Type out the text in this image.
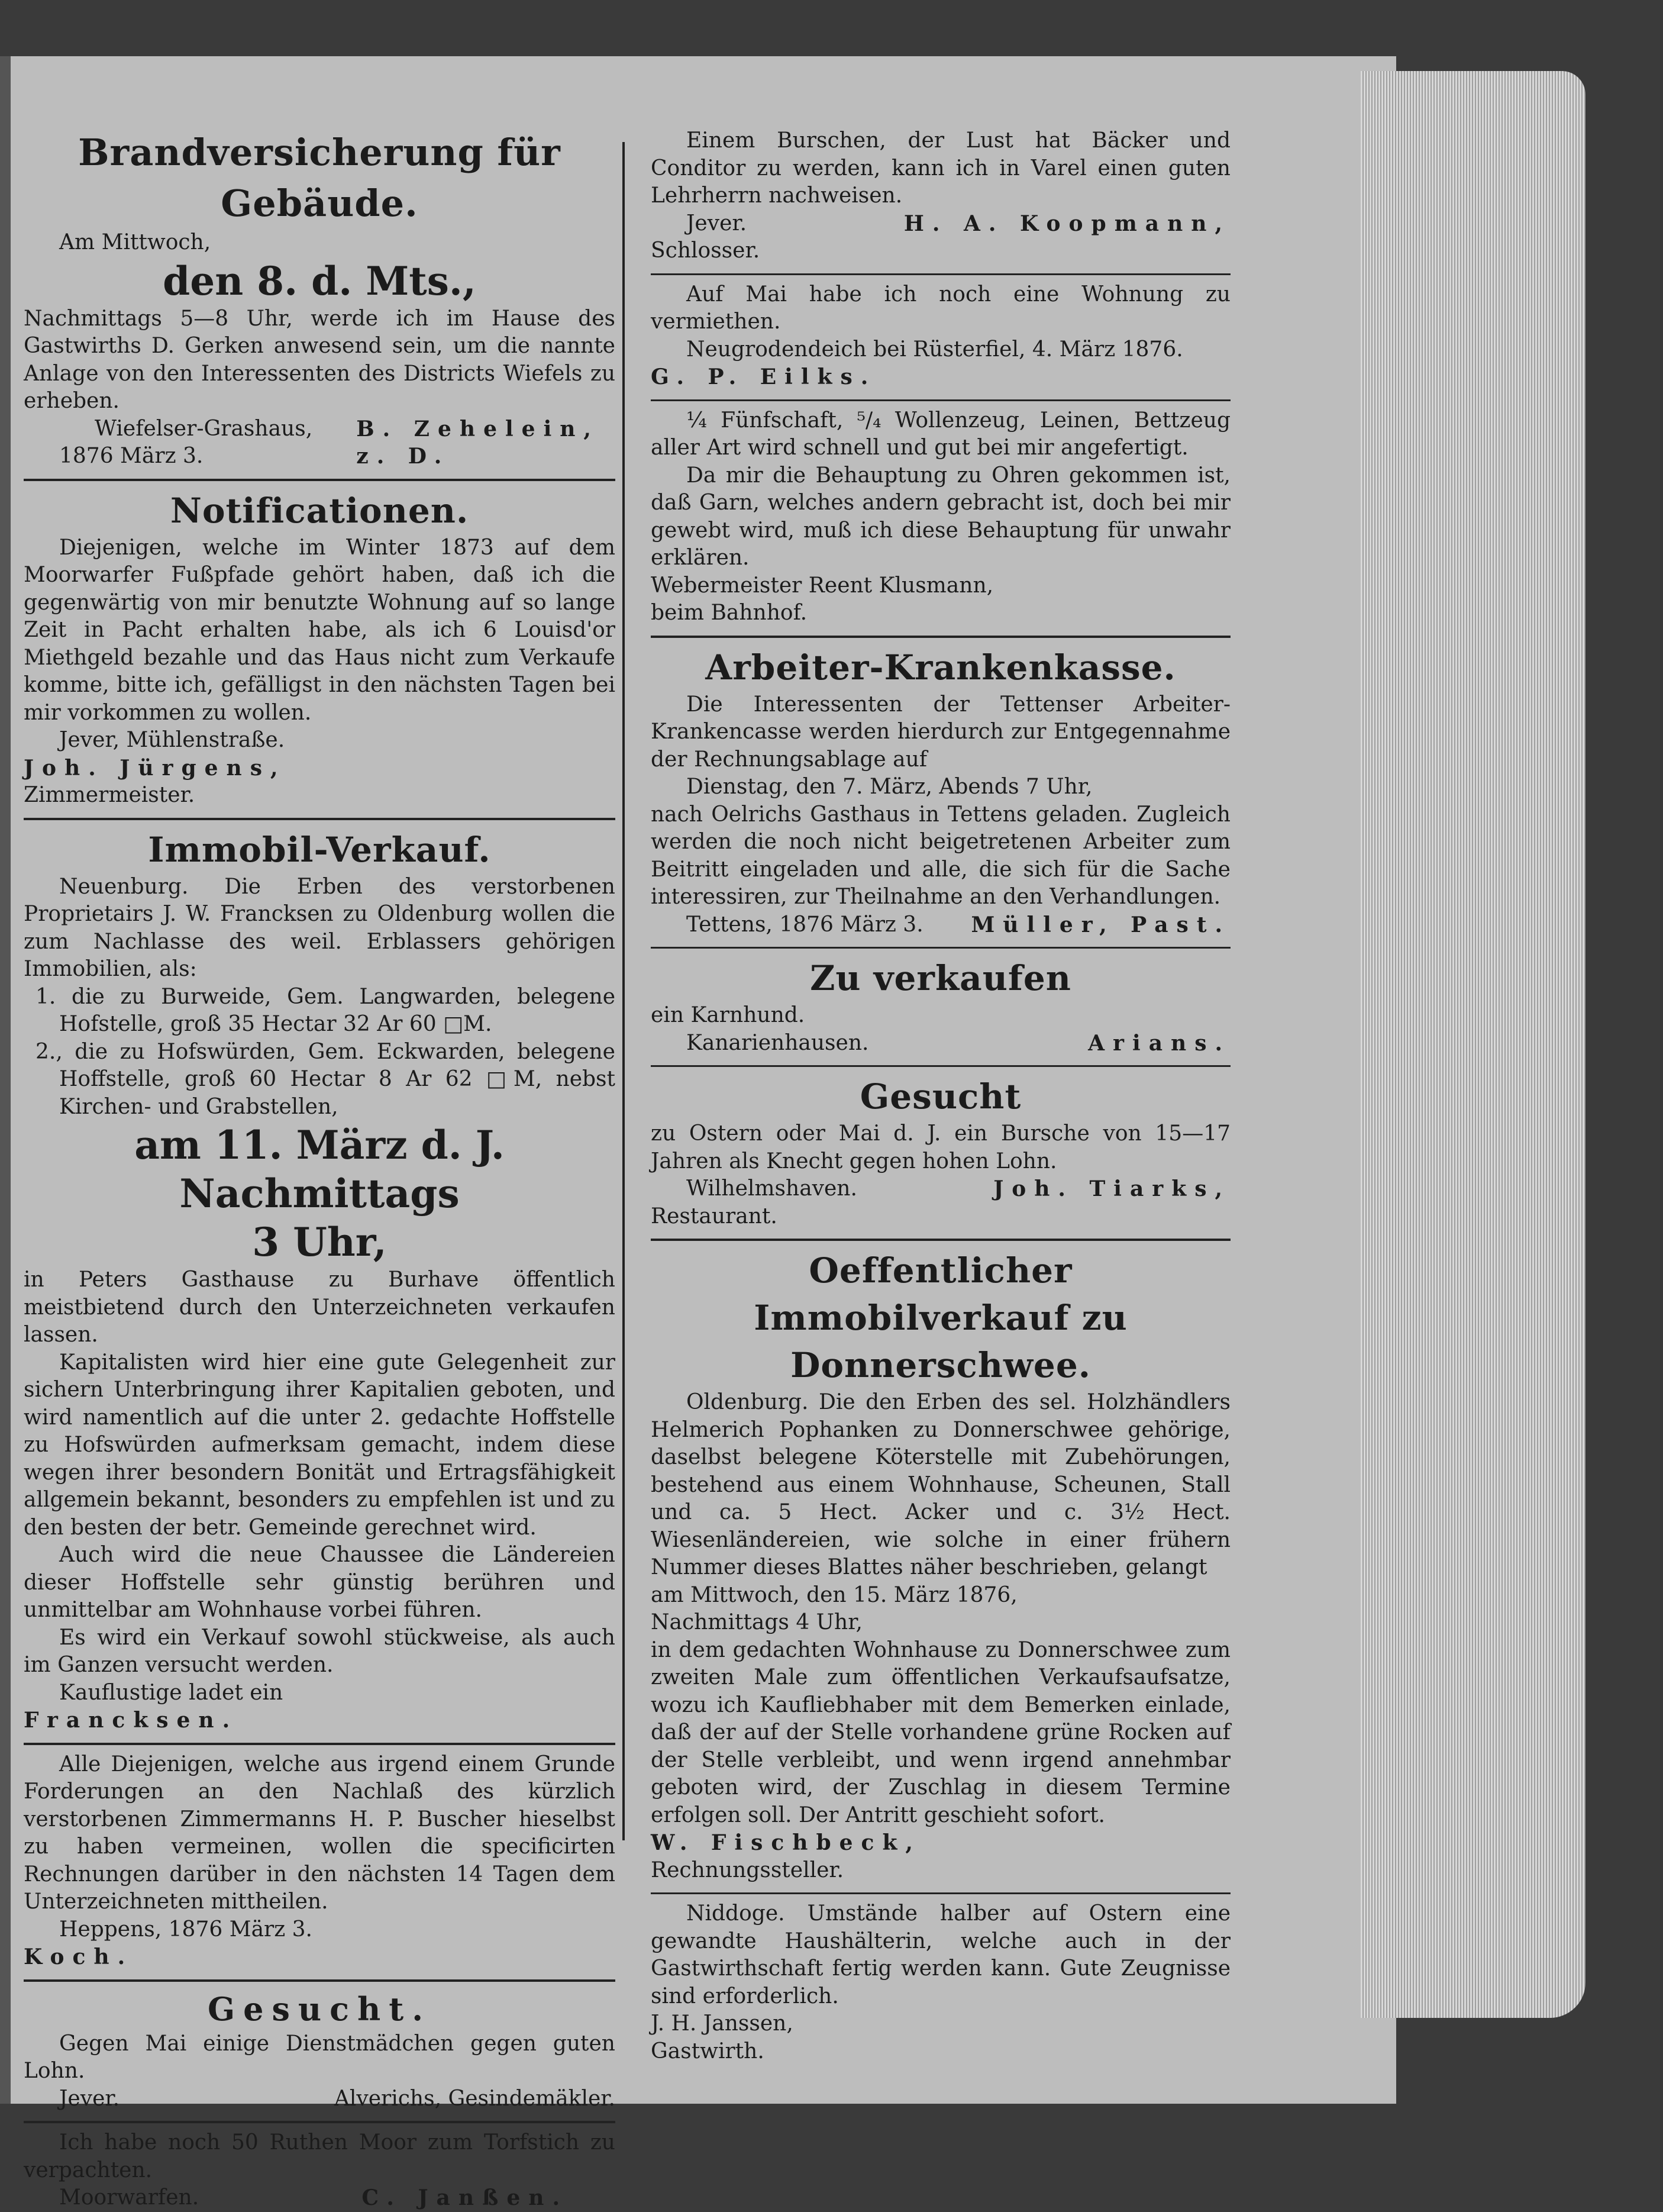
Brandversicherung für Gebäude.

Am Mittwoch,

den 8. d. Mts.,

Nachmittags 5—8 Uhr, werde ich im Hause des Gastwirths D. Gerken anwesend sein, um die nannte Anlage von den Interessenten des Districts Wiefels zu erheben.

Wiefelser-Grashaus, 1876 März 3.
B. Zehelein, z. D.
Notificationen.

Diejenigen, welche im Winter 1873 auf dem Moorwarfer Fußpfade gehört haben, daß ich die gegenwärtig von mir benutzte Wohnung auf so lange Zeit in Pacht erhalten habe, als ich 6 Louisd'or Miethgeld bezahle und das Haus nicht zum Verkaufe komme, bitte ich, gefälligst in den nächsten Tagen bei mir vorkommen zu wollen.

Jever, Mühlenstraße.

Joh. Jürgens,

Zimmermeister.

Immobil-Verkauf.

Neuenburg. Die Erben des verstorbenen Proprietairs J. W. Francksen zu Oldenburg wollen die zum Nachlasse des weil. Erblassers gehörigen Immobilien, als:

1. die zu Burweide, Gem. Langwarden, belegene Hofstelle, groß 35 Hectar 32 Ar 60 □M.

2., die zu Hofswürden, Gem. Eckwarden, belegene Hoffstelle, groß 60 Hectar 8 Ar 62 □M, nebst Kirchen- und Grabstellen,

am 11. März d. J. Nachmittags
3 Uhr,

in Peters Gasthause zu Burhave öffentlich meistbietend durch den Unterzeichneten verkaufen lassen.

Kapitalisten wird hier eine gute Gelegenheit zur sichern Unterbringung ihrer Kapitalien geboten, und wird namentlich auf die unter 2. gedachte Hoffstelle zu Hofswürden aufmerksam gemacht, indem diese wegen ihrer besondern Bonität und Ertragsfähigkeit allgemein bekannt, besonders zu empfehlen ist und zu den besten der betr. Gemeinde gerechnet wird.

Auch wird die neue Chaussee die Ländereien dieser Hoffstelle sehr günstig berühren und unmittelbar am Wohnhause vorbei führen.

Es wird ein Verkauf sowohl stückweise, als auch im Ganzen versucht werden.

Kauflustige ladet ein

Francksen.

Alle Diejenigen, welche aus irgend einem Grunde Forderungen an den Nachlaß des kürzlich verstorbenen Zimmermanns H. P. Buscher hieselbst zu haben vermeinen, wollen die specificirten Rechnungen darüber in den nächsten 14 Tagen dem Unterzeichneten mittheilen.

Heppens, 1876 März 3.

Koch.

Gesucht.

Gegen Mai einige Dienstmädchen gegen guten Lohn.

Jever.	Alverichs, Gesindemäkler.

Ich habe noch 50 Ruthen Moor zum Torfstich zu verpachten.

Moorwarfen.	C. Janßen.

Einem Burschen, der Lust hat Bäcker und Conditor zu werden, kann ich in Varel einen guten Lehrherrn nachweisen.

Jever.	H. A. Koopmann,

Schlosser.

Auf Mai habe ich noch eine Wohnung zu vermiethen.

Neugrodendeich bei Rüsterfiel, 4. März 1876.

G. P. Eilks.

¼ Fünfschaft, ⁵/₄ Wollenzeug, Leinen, Bettzeug aller Art wird schnell und gut bei mir angefertigt.

Da mir die Behauptung zu Ohren gekommen ist, daß Garn, welches andern gebracht ist, doch bei mir gewebt wird, muß ich diese Behauptung für unwahr erklären.

Webermeister Reent Klusmann,

beim Bahnhof.

Arbeiter-Krankenkasse.

Die Interessenten der Tettenser Arbeiter-Krankencasse werden hierdurch zur Entgegennahme der Rechnungsablage auf

Dienstag, den 7. März, Abends 7 Uhr,

nach Oelrichs Gasthaus in Tettens geladen. Zugleich werden die noch nicht beigetretenen Arbeiter zum Beitritt eingeladen und alle, die sich für die Sache interessiren, zur Theilnahme an den Verhandlungen.

Tettens, 1876 März 3. Müller, Past.
Zu verkaufen

ein Karnhund.

Kanarienhausen.	Arians.
Gesucht

zu Ostern oder Mai d. J. ein Bursche von 15—17 Jahren als Knecht gegen hohen Lohn.

Wilhelmshaven.	Joh. Tiarks,

Restaurant.

Oeffentlicher Immobilverkauf zu
Donnerschwee.

Oldenburg. Die den Erben des sel. Holzhändlers Helmerich Pophanken zu Donnerschwee gehörige, daselbst belegene Köterstelle mit Zubehörungen, bestehend aus einem Wohnhause, Scheunen, Stall und ca. 5 Hect. Acker und c. 3½ Hect. Wiesenländereien, wie solche in einer frühern Nummer dieses Blattes näher beschrieben, gelangt

am Mittwoch, den 15. März 1876,

Nachmittags 4 Uhr,

in dem gedachten Wohnhause zu Donnerschwee zum zweiten Male zum öffentlichen Verkaufsaufsatze, wozu ich Kaufliebhaber mit dem Bemerken einlade, daß der auf der Stelle vorhandene grüne Rocken auf der Stelle verbleibt, und wenn irgend annehmbar geboten wird, der Zuschlag in diesem Termine erfolgen soll. Der Antritt geschieht sofort.

W. Fischbeck,

Rechnungssteller.

Niddoge. Umstände halber auf Ostern eine gewandte Haushälterin, welche auch in der Gastwirthschaft fertig werden kann. Gute Zeugnisse sind erforderlich.

J. H. Janssen,

Gastwirth.
